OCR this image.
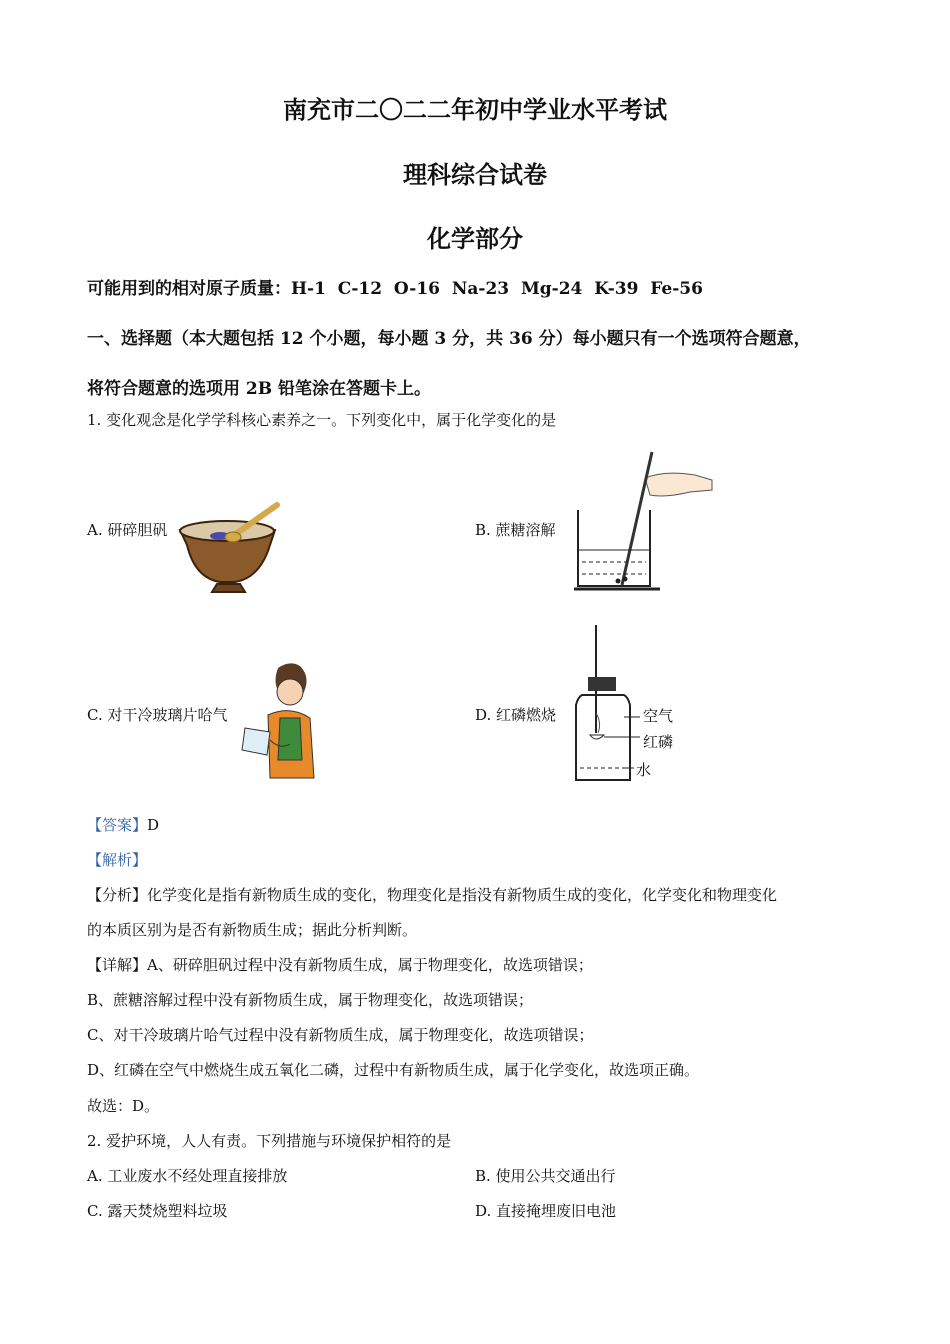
南充市二〇二二年初中学业水平考试
理科综合试卷
化学部分
可能用到的相对原子质量：H-1  C-12  O-16  Na-23  Mg-24  K-39  Fe-56
一、选择题（本大题包括 12 个小题，每小题 3 分，共 36 分）每小题只有一个选项符合题意，
将符合题意的选项用 2B 铅笔涂在答题卡上。
1. 变化观念是化学学科核心素养之一。下列变化中，属于化学变化的是
A. 研碎胆矾	B. 蔗糖溶解
C. 对干冷玻璃片哈气	D. 红磷燃烧	空气
红磷
水
【答案】D
【解析】
【分析】化学变化是指有新物质生成的变化，物理变化是指没有新物质生成的变化，化学变化和物理变化
的本质区别为是否有新物质生成；据此分析判断。
【详解】A、研碎胆矾过程中没有新物质生成，属于物理变化，故选项错误；
B、蔗糖溶解过程中没有新物质生成，属于物理变化，故选项错误；
C、对干冷玻璃片哈气过程中没有新物质生成，属于物理变化，故选项错误；
D、红磷在空气中燃烧生成五氧化二磷，过程中有新物质生成，属于化学变化，故选项正确。
故选：D。
2. 爱护环境，人人有责。下列措施与环境保护相符的是
A. 工业废水不经处理直接排放	B. 使用公共交通出行
C. 露天焚烧塑料垃圾	D. 直接掩埋废旧电池
